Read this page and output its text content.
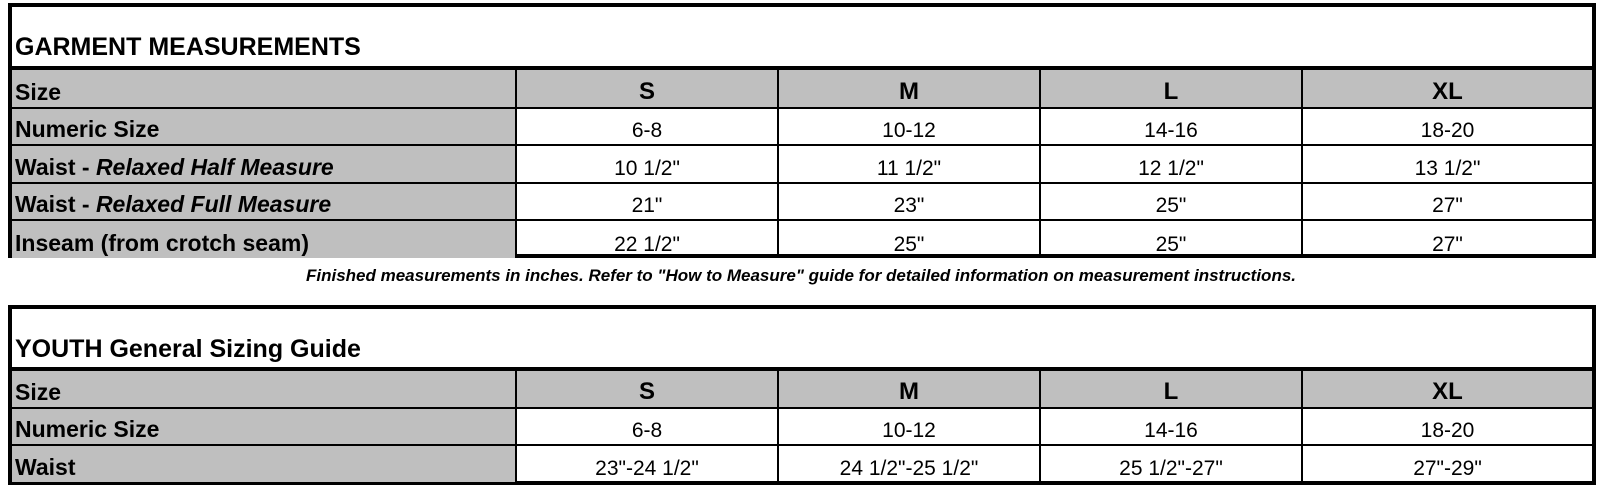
GARMENT MEASUREMENTS
Size	S	M	L	XL
Numeric Size	6-8	10-12	14-16	18-20
Waist - Relaxed Half Measure	10 1/2"	11 1/2"	12 1/2"	13 1/2"
Waist - Relaxed Full Measure	21"	23"	25"	27"
Inseam (from crotch seam)	22 1/2"	25"	25"	27"
Finished measurements in inches. Refer to "How to Measure" guide for detailed information on measurement instructions.
YOUTH General Sizing Guide
Size	S	M	L	XL
Numeric Size	6-8	10-12	14-16	18-20
Waist	23"-24 1/2"	24 1/2"-25 1/2"	25 1/2"-27"	27"-29"
